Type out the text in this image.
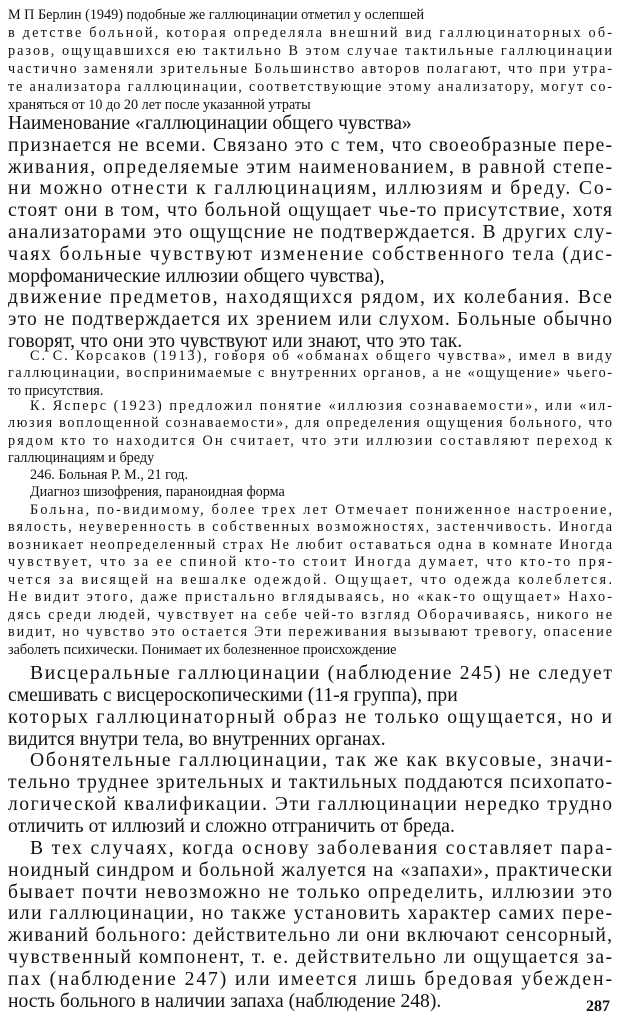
М П Берлин (1949) подобные же галлюцинации отметил у ослепшей
в детстве больной, которая определяла внешний вид галлюцинаторных об-
разов, ощущавшихся ею тактильно В этом случае тактильные галлюцинации
частично заменяли зрительные Большинство авторов полагают, что при утра-
те анализатора галлюцинации, соответствующие этому анализатору, могут со-
храняться от 10 до 20 лет после указанной утраты
Наименование «галлюцинации общего чувства»
признается не всеми. Связано это с тем, что своеобразные пере-
живания, определяемые этим наименованием, в равной степе-
ни можно отнести к галлюцинациям, иллюзиям и бреду. Со-
стоят они в том, что больной ощущает чье-то присутствие, хотя
анализаторами это ощущсние не подтверждается. В других слу-
чаях больные чувствуют изменение собственного тела (дис-
морфоманические иллюзии общего чувства),
движение предметов, находящихся рядом, их колебания. Все
это не подтверждается их зрением или слухом. Больные обычно
говорят, что они это чувствуют или знают, что это так.
С. С. Корсаков (1913), говоря об «обманах общего чувства», имел в виду
галлюцинации, воспринимаемые с внутренних органов, а не «ощущение» чьего-
то присутствия.
К. Ясперс (1923) предложил понятие «иллюзия сознаваемости», или «ил-
люзия воплощенной сознаваемости», для определения ощущения больного, что
рядом кто то находится Он считает, что эти иллюзии составляют переход к
галлюцинациям и бреду
246. Больная Р. М., 21 год.
Диагноз шизофрения, параноидная форма
Больна, по-видимому, более трех лет Отмечает пониженное настроение,
вялость, неуверенность в собственных возможностях, застенчивость. Иногда
возникает неопределенный страх Не любит оставаться одна в комнате Иногда
чувствует, что за ее спиной кто-то стоит Иногда думает, что кто-то пря-
чется за висящей на вешалке одеждой. Ощущает, что одежда колеблется.
Не видит этого, даже пристально вглядываясь, но «как-то ощущает» Нахо-
дясь среди людей, чувствует на себе чей-то взгляд Оборачиваясь, никого не
видит, но чувство это остается Эти переживания вызывают тревогу, опасение
заболеть психически. Понимает их болезненное происхождение
Висцеральные галлюцинации (наблюдение 245) не следует
смешивать с висцероскопическими (11-я группа), при
которых галлюцинаторный образ не только ощущается, но и
видится внутри тела, во внутренних органах.
Обонятельные галлюцинации, так же как вкусовые, значи-
тельно труднее зрительных и тактильных поддаются психопато-
логической квалификации. Эти галлюцинации нередко трудно
отличить от иллюзий и сложно отграничить от бреда.
В тех случаях, когда основу заболевания составляет пара-
ноидный синдром и больной жалуется на «запахи», практически
бывает почти невозможно не только определить, иллюзии это
или галлюцинации, но также установить характер самих пере-
живаний больного: действительно ли они включают сенсорный,
чувственный компонент, т. е. действительно ли ощущается за-
пах (наблюдение 247) или имеется лишь бредовая убежден-
ность больного в наличии запаха (наблюдение 248).	287
